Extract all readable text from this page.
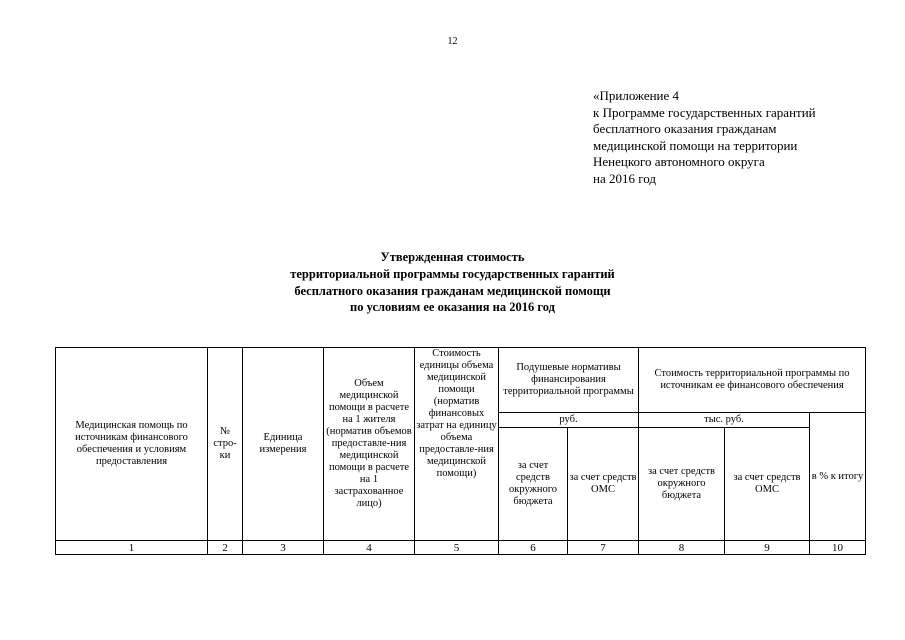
12
«Приложение 4
к Программе государственных гарантий
бесплатного оказания гражданам
медицинской помощи на территории
Ненецкого автономного округа
на 2016 год
Утвержденная стоимость
территориальной программы государственных гарантий
бесплатного оказания гражданам медицинской помощи
по условиям ее оказания на 2016 год
Медицинская помощь по источникам финансового обеспечения и условиям предоставления	№ стро-ки	Единица измерения	Объем медицинской помощи в расчете на 1 жителя (норматив объемов предоставле-ния медицинской помощи в расчете на 1 застрахованное лицо)	Стоимость единицы объема медицинской помощи (норматив финансовых затрат на единицу объема предоставле-ния медицинской помощи)	Подушевые нормативы финансирования территориальной программы		Стоимость территориальной программы по источникам ее финансового обеспечения		
					руб.		тыс. руб.		в % к итогу
					за счет средств окружного бюджета	за счет средств ОМС	за счет средств окружного бюджета	за счет средств ОМС	
1	2	3	4	5	6	7	8	9	10
